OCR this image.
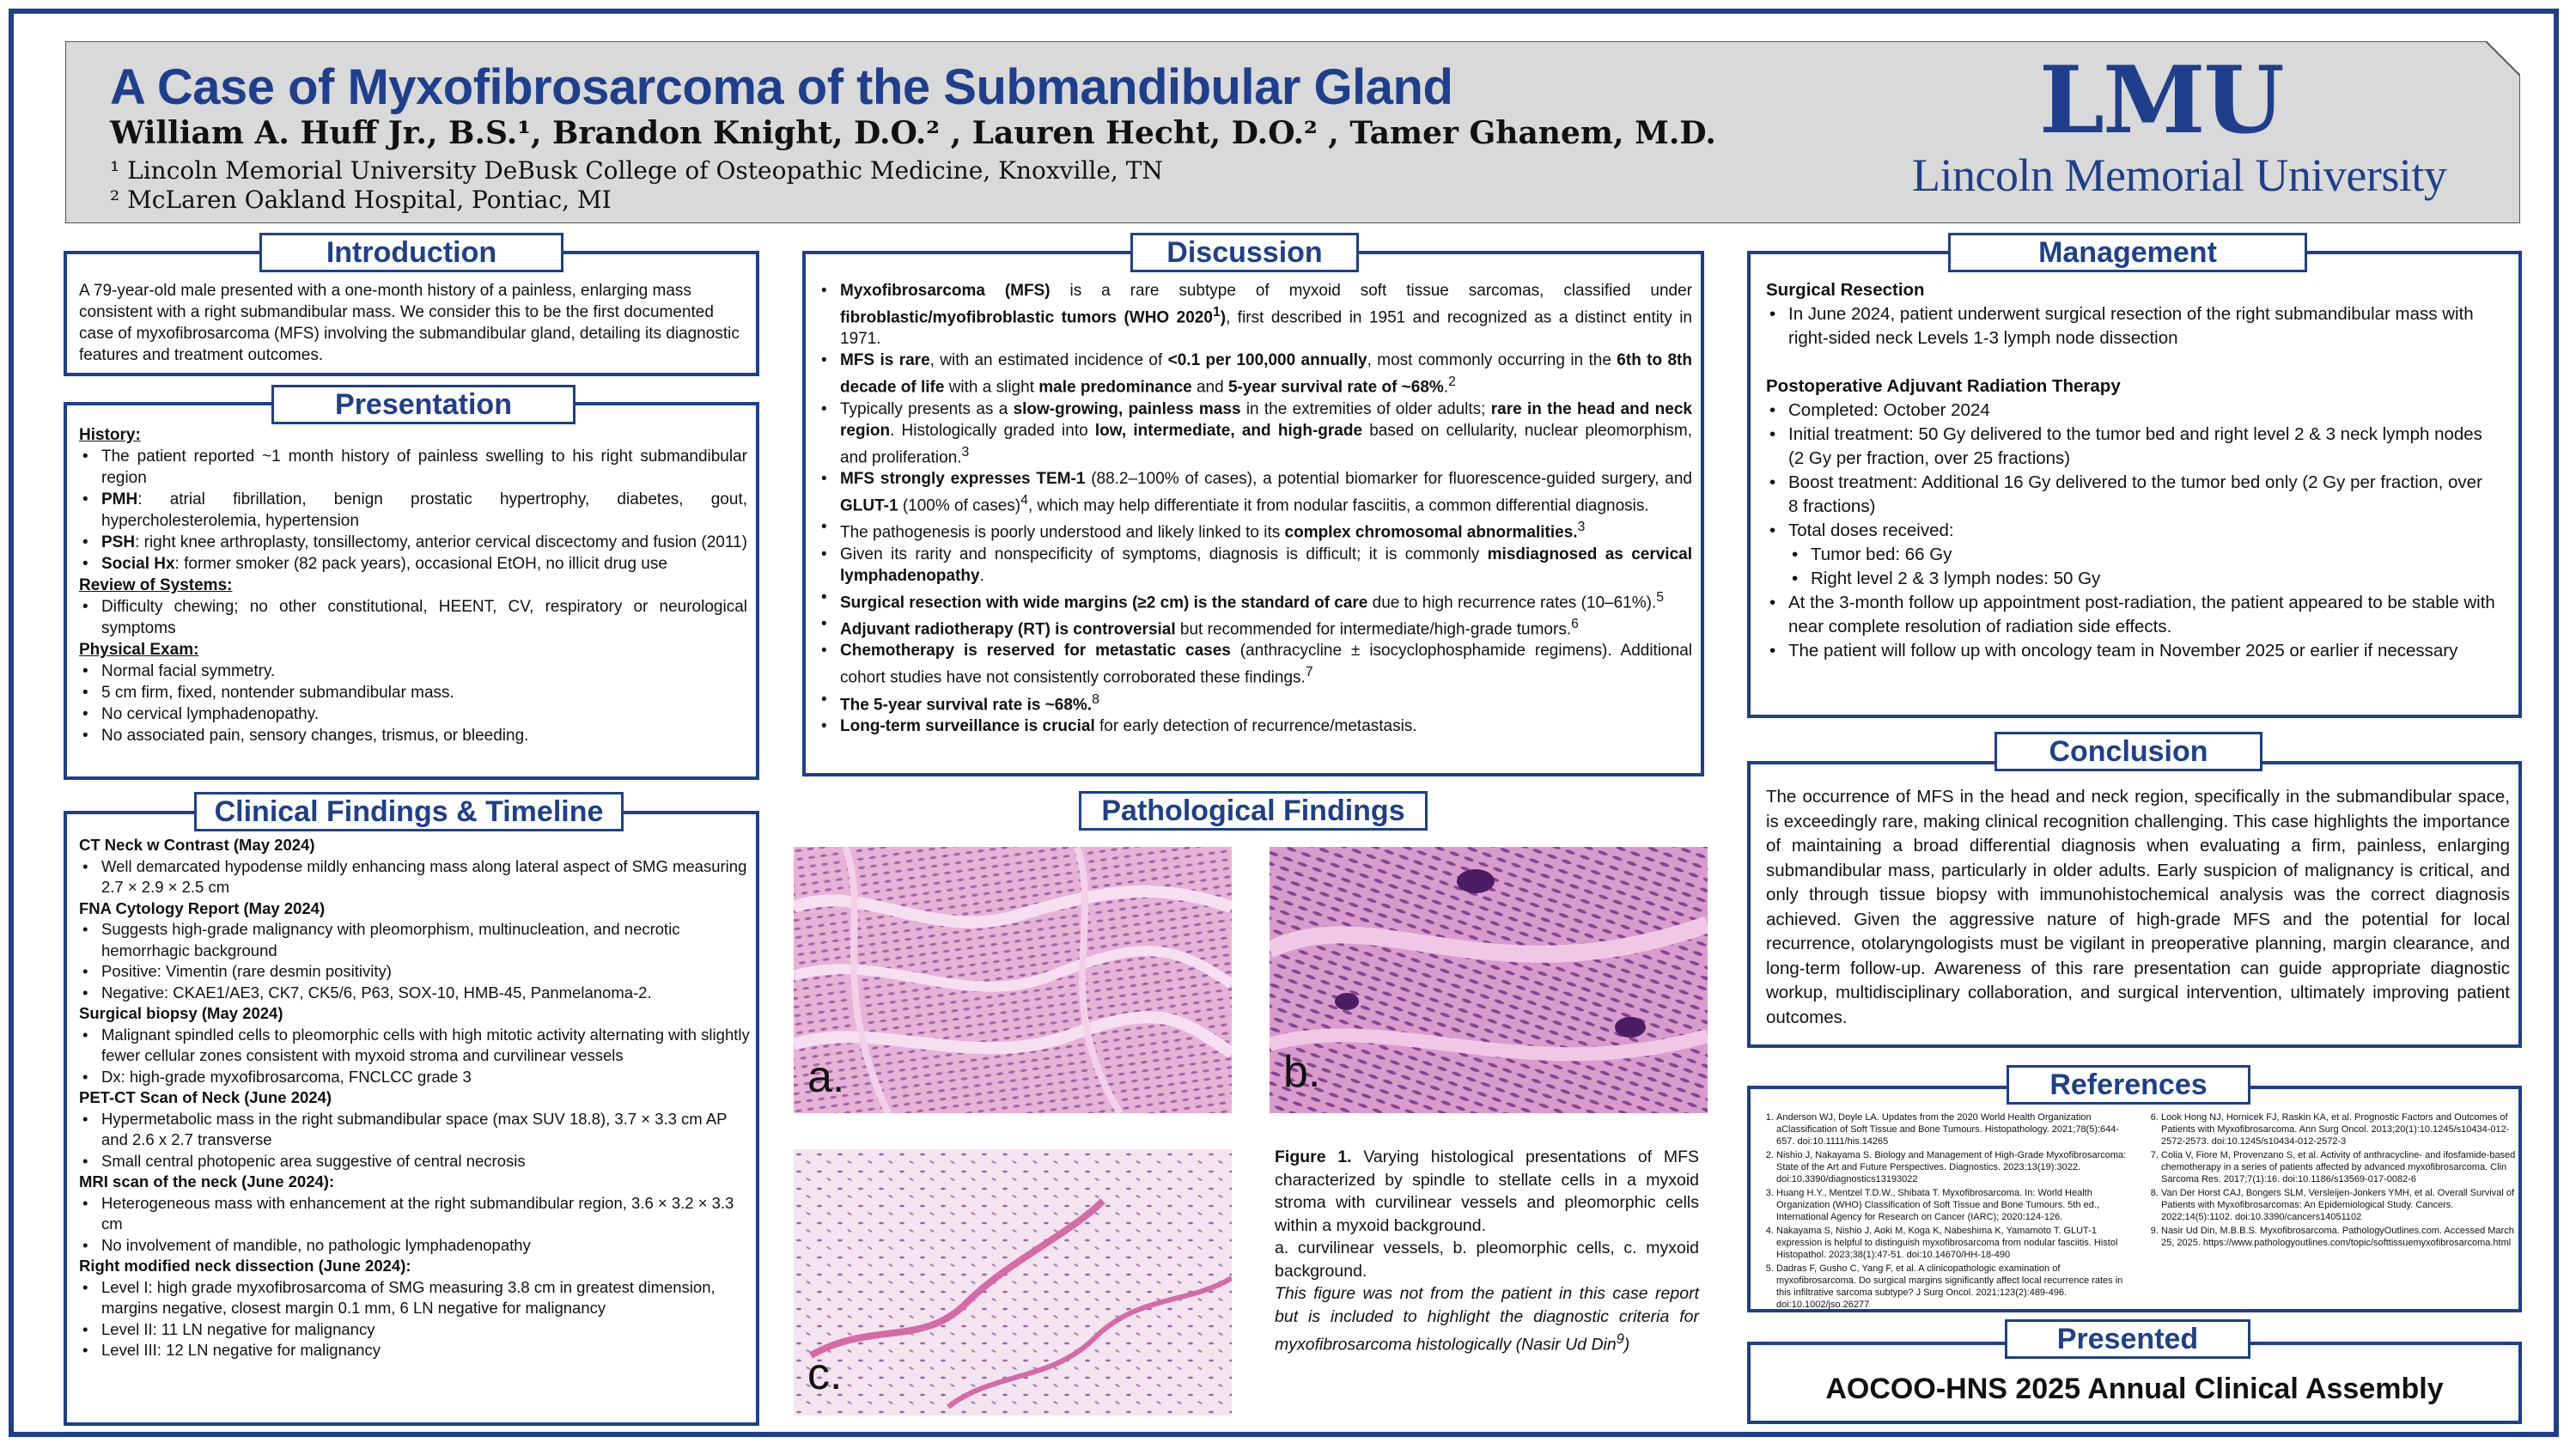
A Case of Myxofibrosarcoma of the Submandibular Gland
William A. Huff Jr., B.S.¹, Brandon Knight, D.O.² , Lauren Hecht, D.O.² , Tamer Ghanem, M.D.
¹ Lincoln Memorial University DeBusk College of Osteopathic Medicine, Knoxville, TN
² McLaren Oakland Hospital, Pontiac, MI
LMU
Lincoln Memorial University
A 79-year-old male presented with a one-month history of a painless, enlarging mass consistent with a right submandibular mass. We consider this to be the first documented case of myxofibrosarcoma (MFS) involving the submandibular gland, detailing its diagnostic features and treatment outcomes.
Introduction

History:

• The patient reported ~1 month history of painless swelling to his right submandibular region
• PMH: atrial fibrillation, benign prostatic hypertrophy, diabetes, gout, hypercholesterolemia, hypertension
• PSH: right knee arthroplasty, tonsillectomy, anterior cervical discectomy and fusion (2011)
• Social Hx: former smoker (82 pack years), occasional EtOH, no illicit drug use

Review of Systems:

• Difficulty chewing; no other constitutional, HEENT, CV, respiratory or neurological symptoms

Physical Exam:

• Normal facial symmetry.
• 5 cm firm, fixed, nontender submandibular mass.
• No cervical lymphadenopathy.
• No associated pain, sensory changes, trismus, or bleeding.
Presentation

CT Neck w Contrast (May 2024)

• Well demarcated hypodense mildly enhancing mass along lateral aspect of SMG measuring 2.7 × 2.9 × 2.5 cm

FNA Cytology Report (May 2024)

• Suggests high-grade malignancy with pleomorphism, multinucleation, and necrotic hemorrhagic background
• Positive: Vimentin (rare desmin positivity)
• Negative: CKAE1/AE3, CK7, CK5/6, P63, SOX-10, HMB-45, Panmelanoma-2.

Surgical biopsy (May 2024)

• Malignant spindled cells to pleomorphic cells with high mitotic activity alternating with slightly fewer cellular zones consistent with myxoid stroma and curvilinear vessels
• Dx: high-grade myxofibrosarcoma, FNCLCC grade 3

PET-CT Scan of Neck (June 2024)

• Hypermetabolic mass in the right submandibular space (max SUV 18.8), 3.7 × 3.3 cm AP and 2.6 x 2.7 transverse
• Small central photopenic area suggestive of central necrosis

MRI scan of the neck (June 2024):

• Heterogeneous mass with enhancement at the right submandibular region, 3.6 × 3.2 × 3.3 cm
• No involvement of mandible, no pathologic lymphadenopathy

Right modified neck dissection (June 2024):

• Level I: high grade myxofibrosarcoma of SMG measuring 3.8 cm in greatest dimension, margins negative, closest margin 0.1 mm, 6 LN negative for malignancy
• Level II: 11 LN negative for malignancy
• Level III: 12 LN negative for malignancy
Clinical Findings & Timeline
• Myxofibrosarcoma (MFS) is a rare subtype of myxoid soft tissue sarcomas, classified under fibroblastic/myofibroblastic tumors (WHO 2020$^1$), first described in 1951 and recognized as a distinct entity in 1971.
• MFS is rare, with an estimated incidence of <0.1 per 100,000 annually, most commonly occurring in the 6th to 8th decade of life with a slight male predominance and 5-year survival rate of ~68%.$^2$
• Typically presents as a slow-growing, painless mass in the extremities of older adults; rare in the head and neck region. Histologically graded into low, intermediate, and high-grade based on cellularity, nuclear pleomorphism, and proliferation.$^3$
• MFS strongly expresses TEM-1 (88.2–100% of cases), a potential biomarker for fluorescence-guided surgery, and GLUT-1 (100% of cases)$^4$, which may help differentiate it from nodular fasciitis, a common differential diagnosis.
• The pathogenesis is poorly understood and likely linked to its complex chromosomal abnormalities.$^3$
• Given its rarity and nonspecificity of symptoms, diagnosis is difficult; it is commonly misdiagnosed as cervical lymphadenopathy.
• Surgical resection with wide margins (≥2 cm) is the standard of care due to high recurrence rates (10–61%).$^5$
• Adjuvant radiotherapy (RT) is controversial but recommended for intermediate/high-grade tumors.$^6$
• Chemotherapy is reserved for metastatic cases (anthracycline ± isocyclophosphamide regimens). Additional cohort studies have not consistently corroborated these findings.$^7$
• The 5-year survival rate is ~68%.$^8$
• Long-term surveillance is crucial for early detection of recurrence/metastasis.
Discussion
Pathological Findings
a.	b.
c.

Figure 1. Varying histological presentations of MFS characterized by spindle to stellate cells in a myxoid stroma with curvilinear vessels and pleomorphic cells within a myxoid background.

a. curvilinear vessels, b. pleomorphic cells, c. myxoid background.

This figure was not from the patient in this case report but is included to highlight the diagnostic criteria for myxofibrosarcoma histologically (Nasir Ud Din$^9$)

Surgical Resection

• In June 2024, patient underwent surgical resection of the right submandibular mass with right-sided neck Levels 1-3 lymph node dissection

Postoperative Adjuvant Radiation Therapy

• Completed: October 2024
• Initial treatment: 50 Gy delivered to the tumor bed and right level 2 & 3 neck lymph nodes (2 Gy per fraction, over 25 fractions)
• Boost treatment: Additional 16 Gy delivered to the tumor bed only (2 Gy per fraction, over 8 fractions)
• Total doses received:
• Tumor bed: 66 Gy
• Right level 2 & 3 lymph nodes: 50 Gy
• At the 3-month follow up appointment post-radiation, the patient appeared to be stable with near complete resolution of radiation side effects.
• The patient will follow up with oncology team in November 2025 or earlier if necessary
Management
The occurrence of MFS in the head and neck region, specifically in the submandibular space, is exceedingly rare, making clinical recognition challenging. This case highlights the importance of maintaining a broad differential diagnosis when evaluating a firm, painless, enlarging submandibular mass, particularly in older adults. Early suspicion of malignancy is critical, and only through tissue biopsy with immunohistochemical analysis was the correct diagnosis achieved. Given the aggressive nature of high-grade MFS and the potential for local recurrence, otolaryngologists must be vigilant in preoperative planning, margin clearance, and long-term follow-up. Awareness of this rare presentation can guide appropriate diagnostic workup, multidisciplinary collaboration, and surgical intervention, ultimately improving patient outcomes.
Conclusion
1. Anderson WJ, Doyle LA. Updates from the 2020 World Health Organization aClassification of Soft Tissue and Bone Tumours. Histopathology. 2021;78(5):644-657. doi:10.1111/his.14265
2. Nishio J, Nakayama S. Biology and Management of High-Grade Myxofibrosarcoma: State of the Art and Future Perspectives. Diagnostics. 2023;13(19):3022. doi:10.3390/diagnostics13193022
3. Huang H.Y., Mentzel T.D.W., Shibata T. Myxofibrosarcoma. In: World Health Organization (WHO) Classification of Soft Tissue and Bone Tumours. 5th ed., International Agency for Research on Cancer (IARC); 2020:124-126.
4. Nakayama S, Nishio J, Aoki M, Koga K, Nabeshima K, Yamamoto T. GLUT-1 expression is helpful to distinguish myxofibrosarcoma from nodular fasciitis. Histol Histopathol. 2023;38(1):47-51. doi:10.14670/HH-18-490
5. Dadras F, Gusho C, Yang F, et al. A clinicopathologic examination of myxofibrosarcoma. Do surgical margins significantly affect local recurrence rates in this infiltrative sarcoma subtype? J Surg Oncol. 2021;123(2):489-496. doi:10.1002/jso.26277
6. Look Hong NJ, Hornicek FJ, Raskin KA, et al. Prognostic Factors and Outcomes of Patients with Myxofibrosarcoma. Ann Surg Oncol. 2013;20(1):10.1245/s10434-012-2572-2573. doi:10.1245/s10434-012-2572-3
7. Colia V, Fiore M, Provenzano S, et al. Activity of anthracycline- and ifosfamide-based chemotherapy in a series of patients affected by advanced myxofibrosarcoma. Clin Sarcoma Res. 2017;7(1):16. doi:10.1186/s13569-017-0082-6
8. Van Der Horst CAJ, Bongers SLM, Versleijen-Jonkers YMH, et al. Overall Survival of Patients with Myxofibrosarcomas: An Epidemiological Study. Cancers. 2022;14(5):1102. doi:10.3390/cancers14051102
9. Nasir Ud Din, M.B.B.S. Myxofibrosarcoma. PathologyOutlines.com. Accessed March 25, 2025. https://www.pathologyoutlines.com/topic/softtissuemyxofibrosarcoma.html
References
AOCOO-HNS 2025 Annual Clinical Assembly
Presented
